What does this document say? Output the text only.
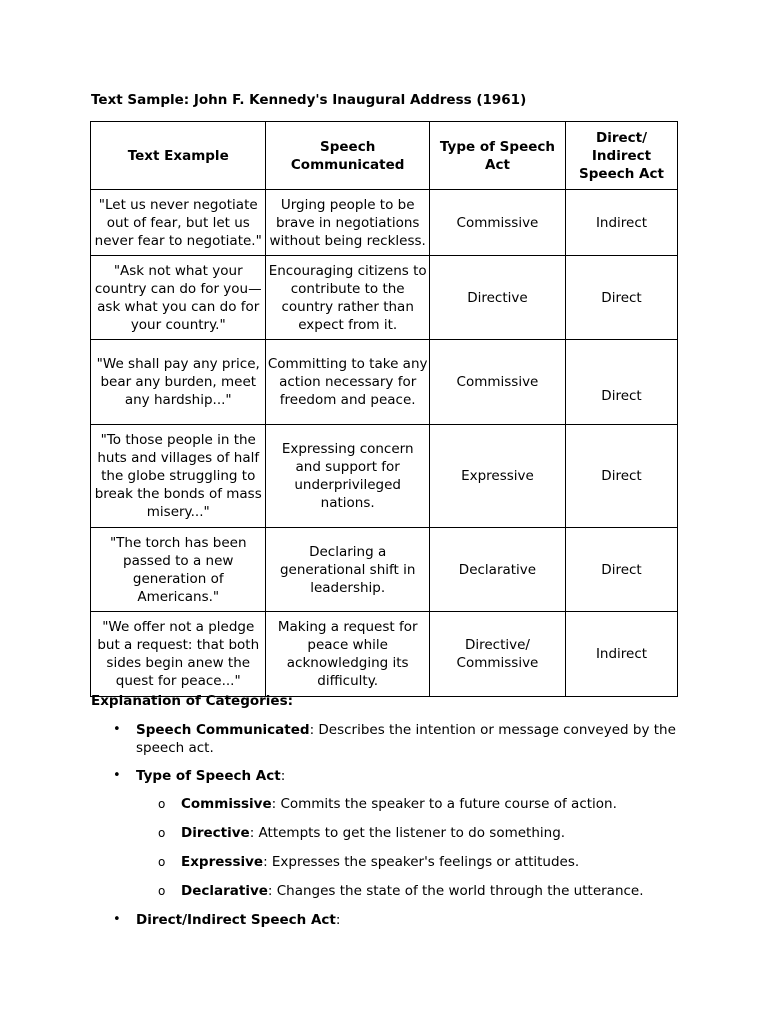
Text Sample: John F. Kennedy's Inaugural Address (1961)
Text Example	Speech Communicated	Type of Speech Act	Direct/ Indirect Speech Act
"Let us never negotiate out of fear, but let us never fear to negotiate."	Urging people to be brave in negotiations without being reckless.	Commissive	Indirect
"Ask not what your country can do for you—ask what you can do for your country."	Encouraging citizens to contribute to the country rather than expect from it.	Directive	Direct
"We shall pay any price, bear any burden, meet any hardship..."	Committing to take any action necessary for freedom and peace.	Commissive	Direct
"To those people in the huts and villages of half the globe struggling to break the bonds of mass misery..."	Expressing concern and support for underprivileged nations.	Expressive	Direct
"The torch has been passed to a new generation of Americans."	Declaring a generational shift in leadership.	Declarative	Direct
"We offer not a pledge but a request: that both sides begin anew the quest for peace..."	Making a request for peace while acknowledging its difficulty.	Directive/ Commissive	Indirect
Explanation of Categories:
• Speech Communicated: Describes the intention or message conveyed by the speech act.
• Type of Speech Act:
o Commissive: Commits the speaker to a future course of action.
o Directive: Attempts to get the listener to do something.
o Expressive: Expresses the speaker's feelings or attitudes.
o Declarative: Changes the state of the world through the utterance.
• Direct/Indirect Speech Act:
